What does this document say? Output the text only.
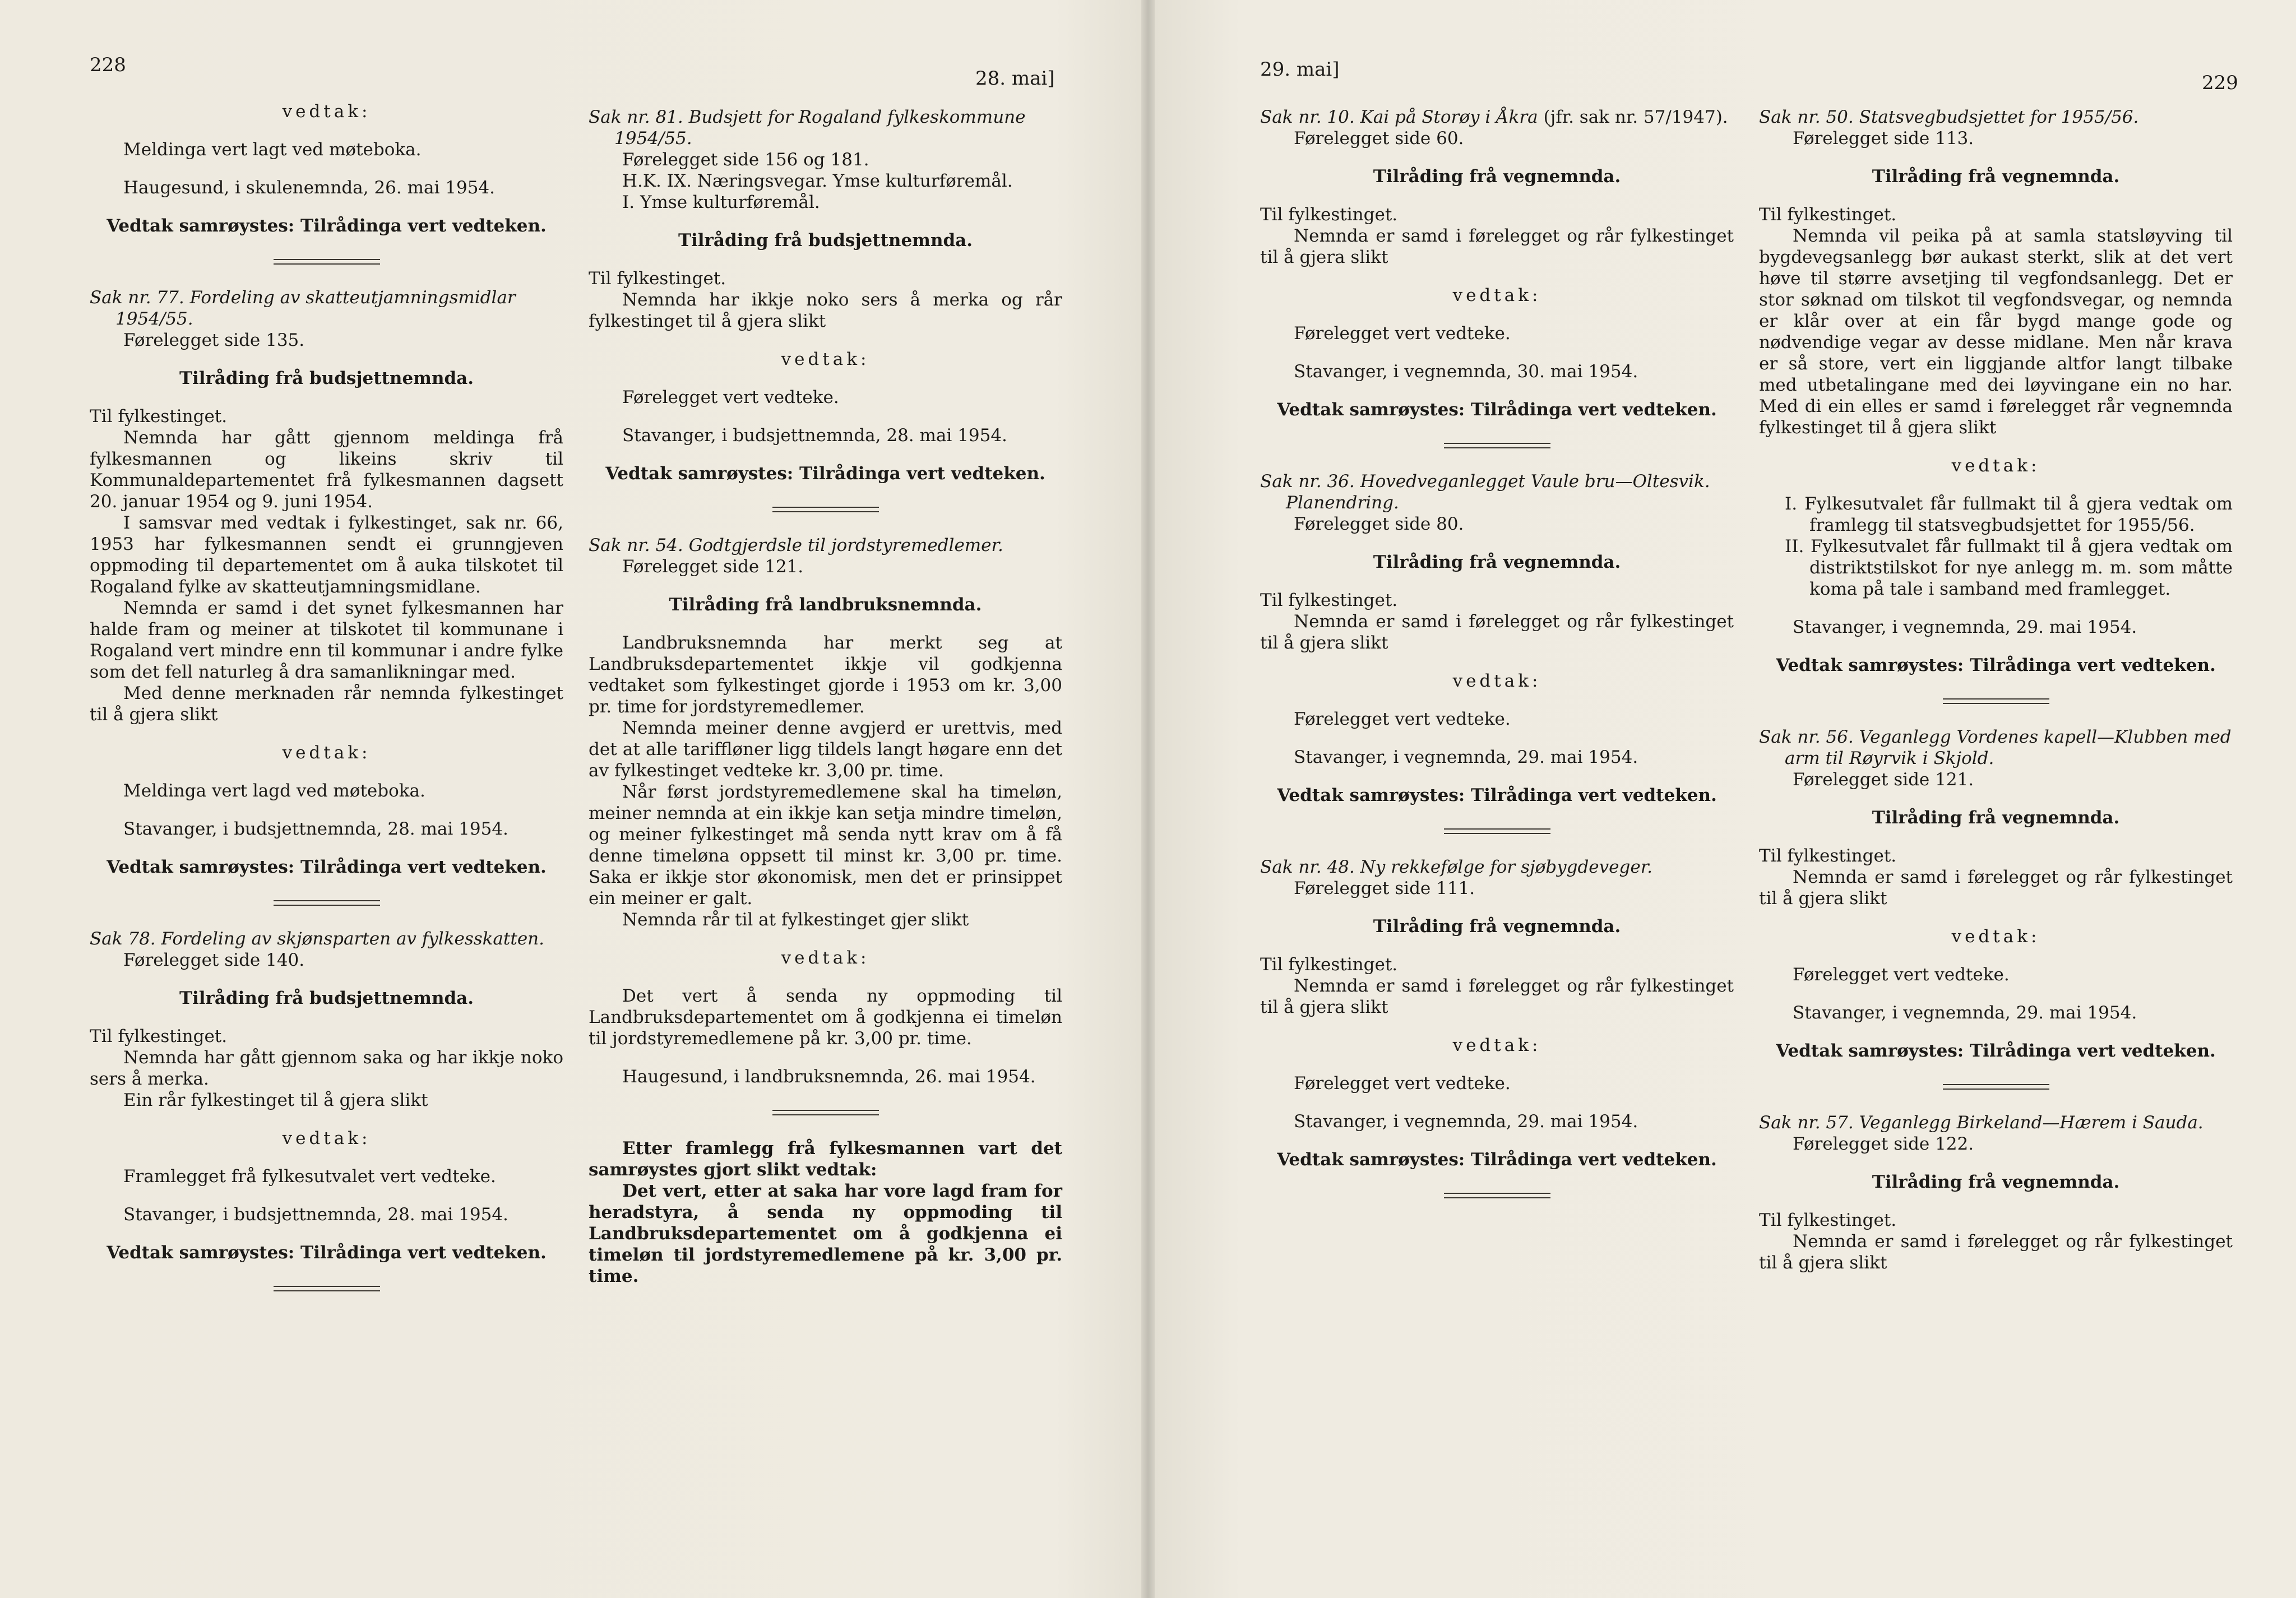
228
28. mai]

vedtak:

Meldinga vert lagt ved møteboka.

Haugesund, i skulenemnda, 26. mai 1954.

Vedtak samrøystes: Tilrådinga vert vedteken.

Sak nr. 77. Fordeling av skatteutjamningsmidlar 1954/55.

Førelegget side 135.

Tilråding frå budsjettnemnda.

Til fylkestinget.

Nemnda har gått gjennom meldinga frå fylkesmannen og likeins skriv til Kommunaldepartementet frå fylkesmannen dagsett 20. januar 1954 og 9. juni 1954.

I samsvar med vedtak i fylkestinget, sak nr. 66, 1953 har fylkesmannen sendt ei grunngjeven oppmoding til departementet om å auka tilskotet til Rogaland fylke av skatteutjamningsmidlane.

Nemnda er samd i det synet fylkesmannen har halde fram og meiner at tilskotet til kommunane i Rogaland vert mindre enn til kommunar i andre fylke som det fell naturleg å dra samanlikningar med.

Med denne merknaden rår nemnda fylkestinget til å gjera slikt

vedtak:

Meldinga vert lagd ved møteboka.

Stavanger, i budsjettnemnda, 28. mai 1954.

Vedtak samrøystes: Tilrådinga vert vedteken.

Sak 78. Fordeling av skjønsparten av fylkesskatten.

Førelegget side 140.

Tilråding frå budsjettnemnda.

Til fylkestinget.

Nemnda har gått gjennom saka og har ikkje noko sers å merka.

Ein rår fylkestinget til å gjera slikt

vedtak:

Framlegget frå fylkesutvalet vert vedteke.

Stavanger, i budsjettnemnda, 28. mai 1954.

Vedtak samrøystes: Tilrådinga vert vedteken.

Sak nr. 81. Budsjett for Rogaland fylkeskommune 1954/55.

Førelegget side 156 og 181.

H.K. IX. Næringsvegar. Ymse kulturføremål.

I. Ymse kulturføremål.

Tilråding frå budsjettnemnda.

Til fylkestinget.

Nemnda har ikkje noko sers å merka og rår fylkestinget til å gjera slikt

vedtak:

Førelegget vert vedteke.

Stavanger, i budsjettnemnda, 28. mai 1954.

Vedtak samrøystes: Tilrådinga vert vedteken.

Sak nr. 54. Godtgjerdsle til jordstyremedlemer.

Førelegget side 121.

Tilråding frå landbruksnemnda.

Landbruksnemnda har merkt seg at Landbruksdepartementet ikkje vil godkjenna vedtaket som fylkestinget gjorde i 1953 om kr. 3,00 pr. time for jordstyremedlemer.

Nemnda meiner denne avgjerd er urettvis, med det at alle tariffløner ligg tildels langt høgare enn det av fylkestinget vedteke kr. 3,00 pr. time.

Når først jordstyremedlemene skal ha timeløn, meiner nemnda at ein ikkje kan setja mindre timeløn, og meiner fylkestinget må senda nytt krav om å få denne timeløna oppsett til minst kr. 3,00 pr. time. Saka er ikkje stor økonomisk, men det er prinsippet ein meiner er galt.

Nemnda rår til at fylkestinget gjer slikt

vedtak:

Det vert å senda ny oppmoding til Landbruksdepartementet om å godkjenna ei timeløn til jordstyremedlemene på kr. 3,00 pr. time.

Haugesund, i landbruksnemnda, 26. mai 1954.

Etter framlegg frå fylkesmannen vart det samrøystes gjort slikt vedtak:

Det vert, etter at saka har vore lagd fram for heradstyra, å senda ny oppmoding til Landbruksdepartementet om å godkjenna ei timeløn til jordstyremedlemene på kr. 3,00 pr. time.

29. mai]
229

Sak nr. 10. Kai på Storøy i Åkra (jfr. sak nr. 57/1947).

Førelegget side 60.

Tilråding frå vegnemnda.

Til fylkestinget.

Nemnda er samd i førelegget og rår fylkestinget til å gjera slikt

vedtak:

Førelegget vert vedteke.

Stavanger, i vegnemnda, 30. mai 1954.

Vedtak samrøystes: Tilrådinga vert vedteken.

Sak nr. 36. Hovedveganlegget Vaule bru—Oltesvik. Planendring.

Førelegget side 80.

Tilråding frå vegnemnda.

Til fylkestinget.

Nemnda er samd i førelegget og rår fylkestinget til å gjera slikt

vedtak:

Førelegget vert vedteke.

Stavanger, i vegnemnda, 29. mai 1954.

Vedtak samrøystes: Tilrådinga vert vedteken.

Sak nr. 48. Ny rekkefølge for sjøbygdeveger.

Førelegget side 111.

Tilråding frå vegnemnda.

Til fylkestinget.

Nemnda er samd i førelegget og rår fylkestinget til å gjera slikt

vedtak:

Førelegget vert vedteke.

Stavanger, i vegnemnda, 29. mai 1954.

Vedtak samrøystes: Tilrådinga vert vedteken.

Sak nr. 50. Statsvegbudsjettet for 1955/56.

Førelegget side 113.

Tilråding frå vegnemnda.

Til fylkestinget.

Nemnda vil peika på at samla statsløyving til bygdevegsanlegg bør aukast sterkt, slik at det vert høve til større avsetjing til vegfondsanlegg. Det er stor søknad om tilskot til vegfondsvegar, og nemnda er klår over at ein får bygd mange gode og nødvendige vegar av desse midlane. Men når krava er så store, vert ein liggjande altfor langt tilbake med utbetalingane med dei løyvingane ein no har. Med di ein elles er samd i førelegget rår vegnemnda fylkestinget til å gjera slikt

vedtak:

I. Fylkesutvalet får fullmakt til å gjera vedtak om framlegg til statsvegbudsjettet for 1955/56.

II. Fylkesutvalet får fullmakt til å gjera vedtak om distriktstilskot for nye anlegg m. m. som måtte koma på tale i samband med framlegget.

Stavanger, i vegnemnda, 29. mai 1954.

Vedtak samrøystes: Tilrådinga vert vedteken.

Sak nr. 56. Veganlegg Vordenes kapell—Klubben med arm til Røyrvik i Skjold.

Førelegget side 121.

Tilråding frå vegnemnda.

Til fylkestinget.

Nemnda er samd i førelegget og rår fylkestinget til å gjera slikt

vedtak:

Førelegget vert vedteke.

Stavanger, i vegnemnda, 29. mai 1954.

Vedtak samrøystes: Tilrådinga vert vedteken.

Sak nr. 57. Veganlegg Birkeland—Hærem i Sauda.

Førelegget side 122.

Tilråding frå vegnemnda.

Til fylkestinget.

Nemnda er samd i førelegget og rår fylkestinget til å gjera slikt
